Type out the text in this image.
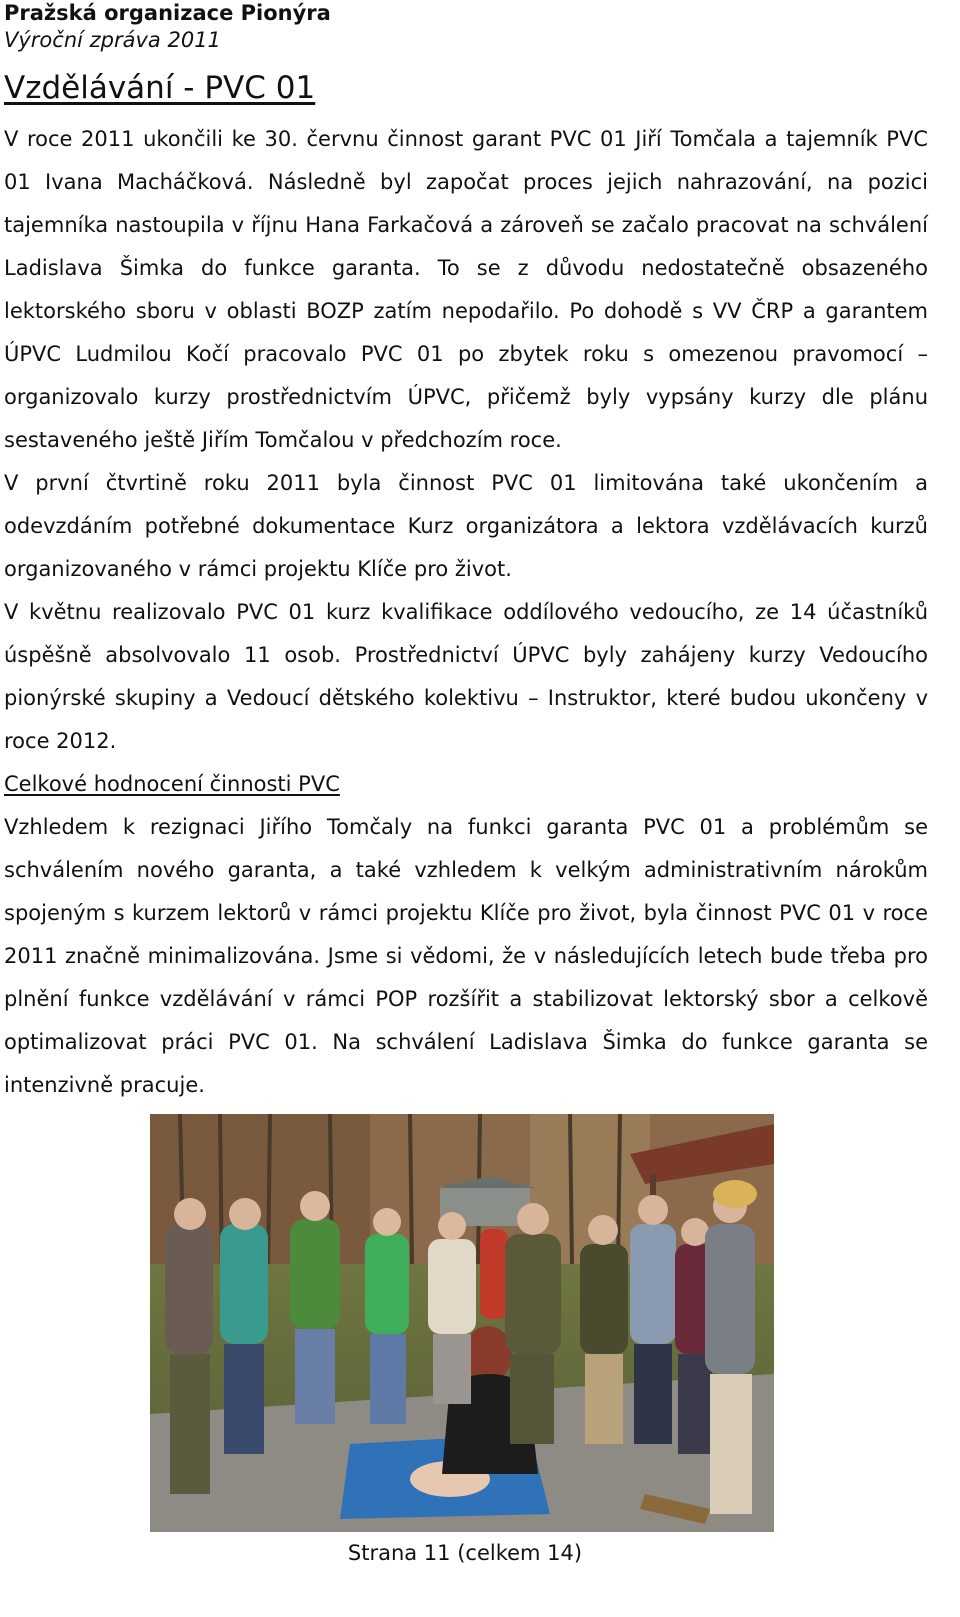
Pražská organizace Pionýra
Výroční zpráva 2011
Vzdělávání - PVC 01

V roce 2011 ukončili ke 30. červnu činnost garant PVC 01 Jiří Tomčala a tajemník PVC 01 Ivana Macháčková. Následně byl započat proces jejich nahrazování, na pozici tajemníka nastoupila v říjnu Hana Farkačová a zároveň se začalo pracovat na schválení Ladislava Šimka do funkce garanta. To se z důvodu nedostatečně obsazeného lektorského sboru v oblasti BOZP zatím nepodařilo. Po dohodě s VV ČRP a garantem ÚPVC Ludmilou Kočí pracovalo PVC 01 po zbytek roku s omezenou pravomocí – organizovalo kurzy prostřednictvím ÚPVC, přičemž byly vypsány kurzy dle plánu sestaveného ještě Jiřím Tomčalou v předchozím roce.

V první čtvrtině roku 2011 byla činnost PVC 01 limitována také ukončením a odevzdáním potřebné dokumentace Kurz organizátora a lektora vzdělávacích kurzů organizovaného v rámci projektu Klíče pro život.

V květnu realizovalo PVC 01 kurz kvalifikace oddílového vedoucího, ze 14 účastníků úspěšně absolvovalo 11 osob. Prostřednictví ÚPVC byly zahájeny kurzy Vedoucího pionýrské skupiny a Vedoucí dětského kolektivu – Instruktor, které budou ukončeny v roce 2012.

Celkové hodnocení činnosti PVC

Vzhledem k rezignaci Jiřího Tomčaly na funkci garanta PVC 01 a problémům se schválením nového garanta, a také vzhledem k velkým administrativním nárokům spojeným s kurzem lektorů v rámci projektu Klíče pro život, byla činnost PVC 01 v roce 2011 značně minimalizována. Jsme si vědomi, že v následujících letech bude třeba pro plnění funkce vzdělávání v rámci POP rozšířit a stabilizovat lektorský sbor a celkově optimalizovat práci PVC 01. Na schválení Ladislava Šimka do funkce garanta se intenzivně pracuje.

Strana 11 (celkem 14)
